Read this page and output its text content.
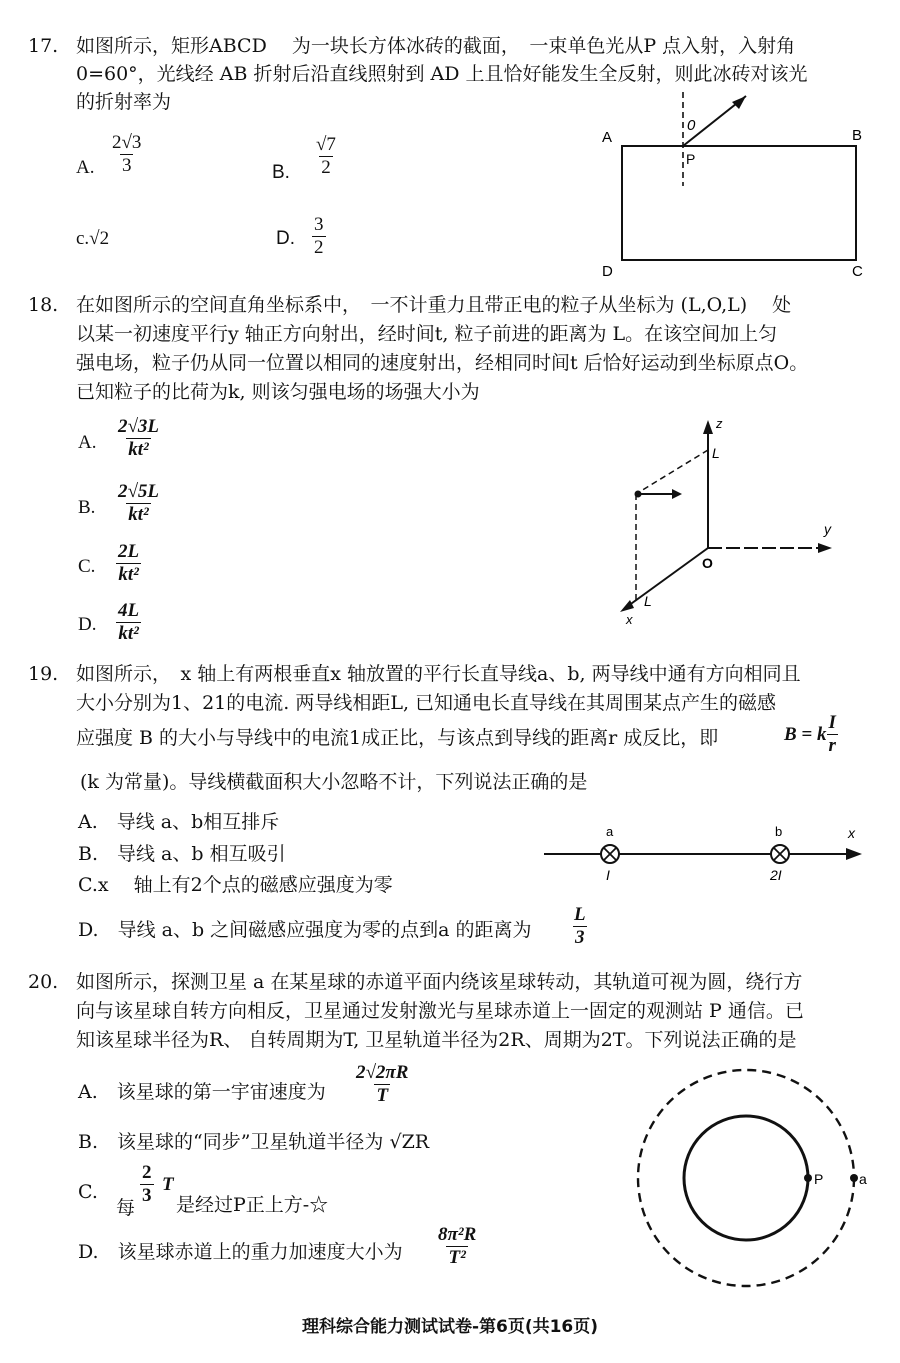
17. 如图所示，矩形ABCD　 为一块长方体冰砖的截面，　一束单色光从P 点入射，入射角
0=60°，光线经 AB 折射后沿直线照射到 AD 上且恰好能发生全反射，则此冰砖对该光
的折射率为
A. $\frac{2√3}{3}$	B. $\frac{√7}{2}$
c.√2	D. $\frac{3}{2}$
A	B
C
D
P
0
18. 在如图所示的空间直角坐标系中，　一不计重力且带正电的粒子从坐标为 (L,O,L)　 处
以某一初速度平行y 轴正方向射出，经时间t, 粒子前进的距离为 L。在该空间加上匀
强电场，粒子仍从同一位置以相同的速度射出，经相同时间t 后恰好运动到坐标原点O。
已知粒子的比荷为k, 则该匀强电场的场强大小为
A. $\frac{2√3L}{\text{kt²}}$
B. $\frac{2√5L}{\text{kt²}}$
C. $\frac{2L}{\text{kt²}}$
D. $\frac{4L}{\text{kt²}}$
z
L
y
x
L
O
19. 如图所示，　x 轴上有两根垂直x 轴放置的平行长直导线a、b, 两导线中通有方向相同且
大小分别为1、21的电流. 两导线相距L, 已知通电长直导线在其周围某点产生的磁感
应强度 B 的大小与导线中的电流1成正比，与该点到导线的距离r 成反比，即	B = k $\frac{I}{r}$
(k 为常量)。导线横截面积大小忽略不计，下列说法正确的是
A.　导线 a、b相互排斥
B.　导线 a、b 相互吸引
C.x　 轴上有2个点的磁感应强度为零
D.　导线 a、b 之间磁感应强度为零的点到a 的距离为 $\frac{L}{3}$
x
a
I
b
2I
20. 如图所示，探测卫星 a 在某星球的赤道平面内绕该星球转动，其轨道可视为圆，绕行方
向与该星球自转方向相反，卫星通过发射激光与星球赤道上一固定的观测站 P 通信。已
知该星球半径为R、 自转周期为T, 卫星轨道半径为2R、周期为2T。下列说法正确的是
A.　该星球的第一宇宙速度为 $\frac{2√2\pi R}{T}$
B.　该星球的“同步”卫星轨道半径为 √ZR
C.
每
$\frac{2}{3}$ T
是经过P正上方-☆
D.　该星球赤道上的重力加速度大小为 $\frac{\text{8π²R}}{\text{T²}}$
P	a
理科综合能力测试试卷-第6页(共16页)
